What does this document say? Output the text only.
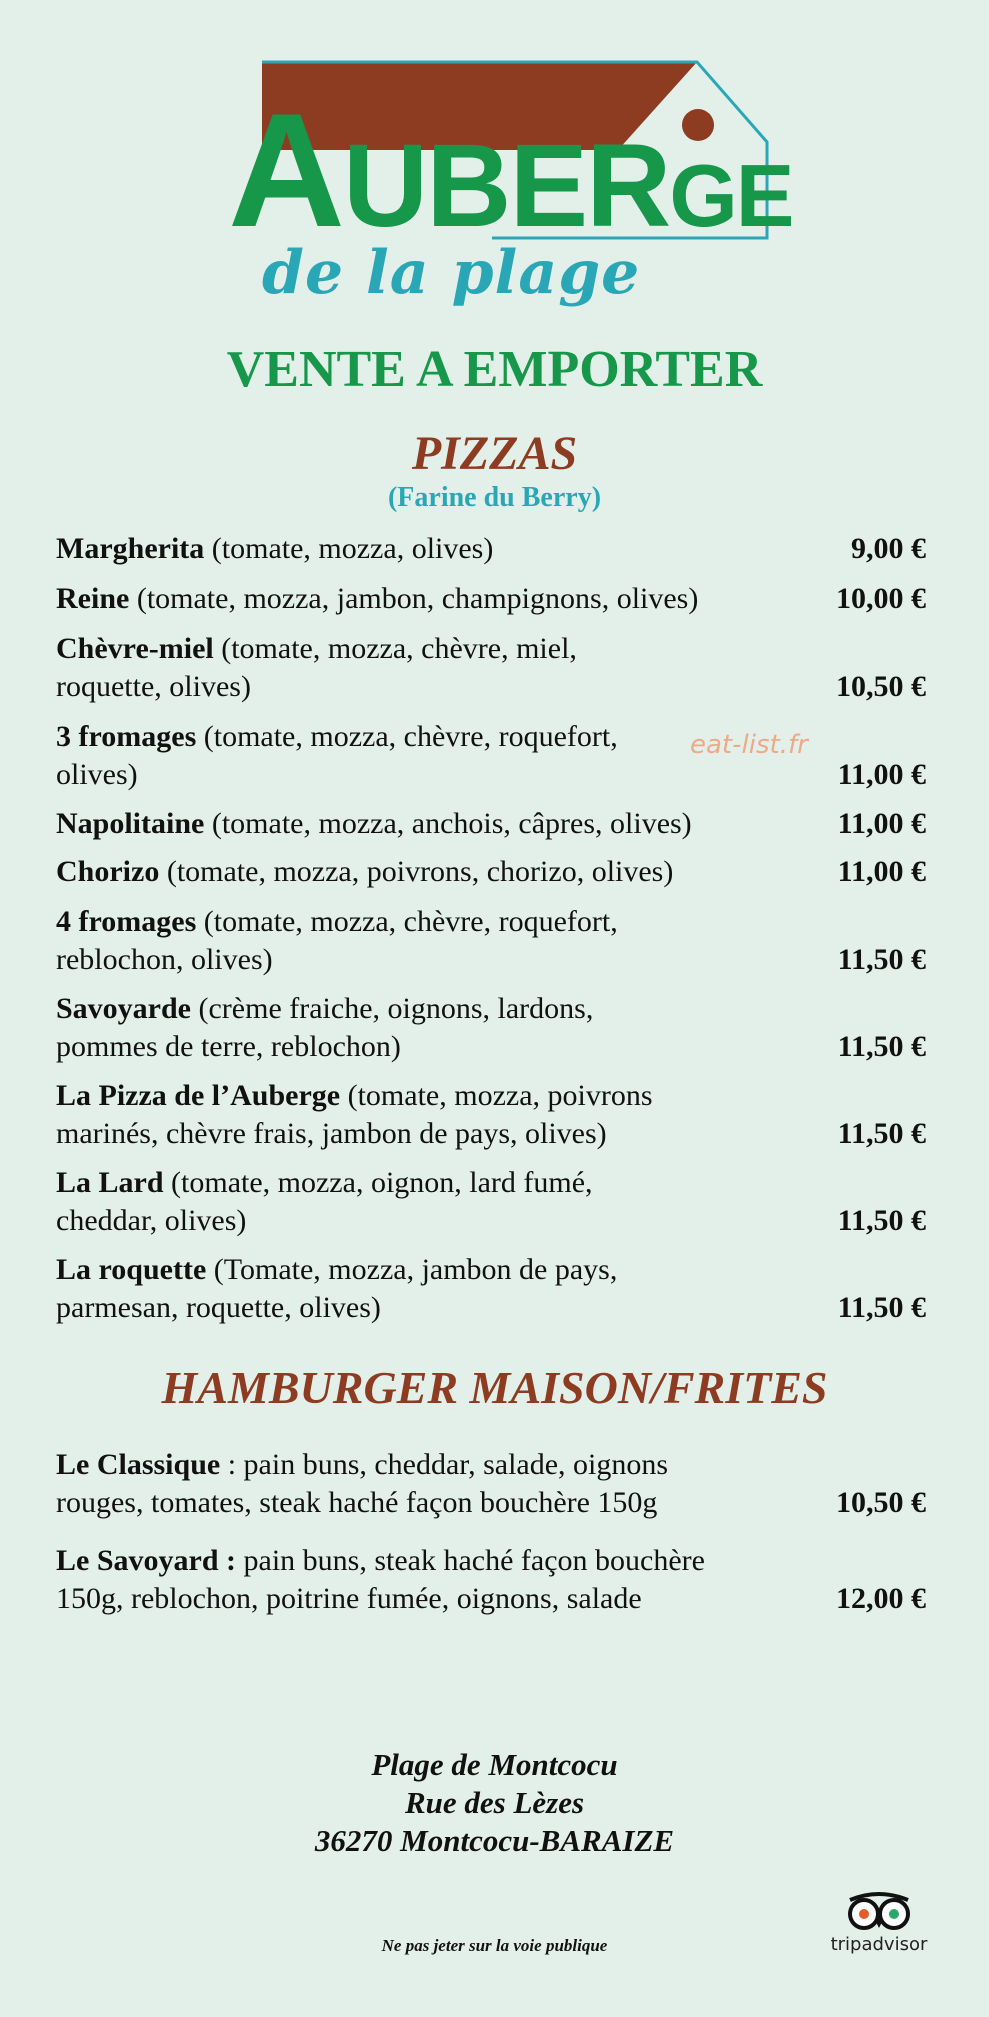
AUBERGE
de la plage
VENTE A EMPORTER
PIZZAS
(Farine du Berry)
Margherita (tomate, mozza, olives)	9,00 €
Reine (tomate, mozza, jambon, champignons, olives)	10,00 €
Chèvre-miel (tomate, mozza, chèvre, miel, roquette, olives)	10,50 €
3 fromages (tomate, mozza, chèvre, roquefort, olives)	11,00 €
Napolitaine (tomate, mozza, anchois, câpres, olives)	11,00 €
Chorizo (tomate, mozza, poivrons, chorizo, olives)	11,00 €
4 fromages (tomate, mozza, chèvre, roquefort, reblochon, olives)	11,50 €
Savoyarde (crème fraiche, oignons, lardons, pommes de terre, reblochon)	11,50 €
La Pizza de l’Auberge (tomate, mozza, poivrons marinés, chèvre frais, jambon de pays, olives)	11,50 €
La Lard (tomate, mozza, oignon, lard fumé, cheddar, olives)	11,50 €
La roquette (Tomate, mozza, jambon de pays, parmesan, roquette, olives)	11,50 €
eat-list.fr
HAMBURGER MAISON/FRITES
Le Classique : pain buns, cheddar, salade, oignons rouges, tomates, steak haché façon bouchère 150g	10,50 €
Le Savoyard : pain buns, steak haché façon bouchère 150g, reblochon, poitrine fumée, oignons, salade	12,00 €
Plage de Montcocu
Rue des Lèzes
36270 Montcocu-BARAIZE
Ne pas jeter sur la voie publique	tripadvisor
